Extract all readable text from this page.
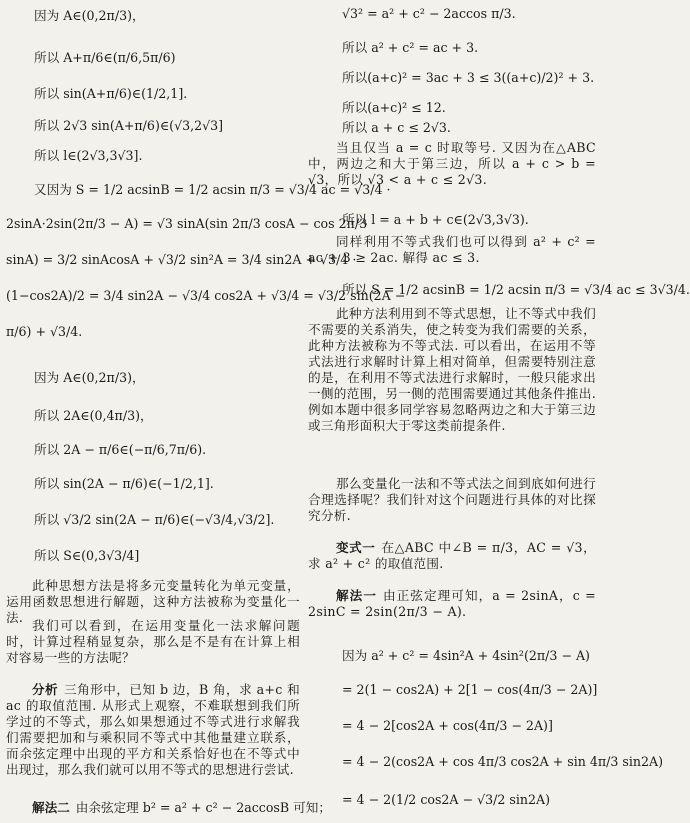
因为 A∈(0,2π/3)，
所以 A+π/6∈(π/6,5π/6)
所以 sin(A+π/6)∈(1/2,1].
所以 2√3 sin(A+π/6)∈(√3,2√3]
所以 l∈(2√3,3√3].
又因为 S = 1/2 acsinB = 1/2 acsin π/3 = √3/4 ac = √3/4 ·
2sinA·2sin(2π/3 − A) = √3 sinA(sin 2π/3 cosA − cos 2π/3
sinA) = 3/2 sinAcosA + √3/2 sin²A = 3/4 sin2A + √3/4 ·
(1−cos2A)/2 = 3/4 sin2A − √3/4 cos2A + √3/4 = √3/2 sin(2A −
π/6) + √3/4.
因为 A∈(0,2π/3)，
所以 2A∈(0,4π/3)，
所以 2A − π/6∈(−π/6,7π/6).
所以 sin(2A − π/6)∈(−1/2,1].
所以 √3/2 sin(2A − π/6)∈(−√3/4,√3/2].
所以 S∈(0,3√3/4]
此种思想方法是将多元变量转化为单元变量，运用函数思想进行解题，这种方法被称为变量化一法.
我们可以看到，在运用变量化一法求解问题时，计算过程稍显复杂，那么是不是有在计算上相对容易一些的方法呢？
分析 三角形中，已知 b 边，B 角，求 a+c 和 ac 的取值范围. 从形式上观察，不难联想到我们所学过的不等式，那么如果想通过不等式进行求解我们需要把加和与乘积同不等式中其他量建立联系，而余弦定理中出现的平方和关系恰好也在不等式中出现过，那么我们就可以用不等式的思想进行尝试.
解法二 由余弦定理 b² = a² + c² − 2accosB 可知；
√3² = a² + c² − 2accos π/3.
所以 a² + c² = ac + 3.
所以(a+c)² = 3ac + 3 ≤ 3((a+c)/2)² + 3.
所以(a+c)² ≤ 12.
所以 a + c ≤ 2√3.
当且仅当 a = c 时取等号. 又因为在△ABC 中，两边之和大于第三边，所以 a + c > b = √3，所以 √3 < a + c ≤ 2√3.
所以 l = a + b + c∈(2√3,3√3).
同样利用不等式我们也可以得到 a² + c² = ac + 3 ≥ 2ac. 解得 ac ≤ 3.
所以 S = 1/2 acsinB = 1/2 acsin π/3 = √3/4 ac ≤ 3√3/4.
此种方法利用到不等式思想，让不等式中我们不需要的关系消失，使之转变为我们需要的关系，此种方法被称为不等式法. 可以看出，在运用不等式法进行求解时计算上相对简单，但需要特别注意的是，在利用不等式法进行求解时，一般只能求出一侧的范围，另一侧的范围需要通过其他条件推出. 例如本题中很多同学容易忽略两边之和大于第三边或三角形面积大于零这类前提条件.
那么变量化一法和不等式法之间到底如何进行合理选择呢？我们针对这个问题进行具体的对比探究分析.
变式一 在△ABC 中∠B = π/3，AC = √3，求 a² + c² 的取值范围.
解法一 由正弦定理可知，a = 2sinA，c = 2sinC = 2sin(2π/3 − A).
因为 a² + c² = 4sin²A + 4sin²(2π/3 − A)
= 2(1 − cos2A) + 2[1 − cos(4π/3 − 2A)]
= 4 − 2[cos2A + cos(4π/3 − 2A)]
= 4 − 2(cos2A + cos 4π/3 cos2A + sin 4π/3 sin2A)
= 4 − 2(1/2 cos2A − √3/2 sin2A)
